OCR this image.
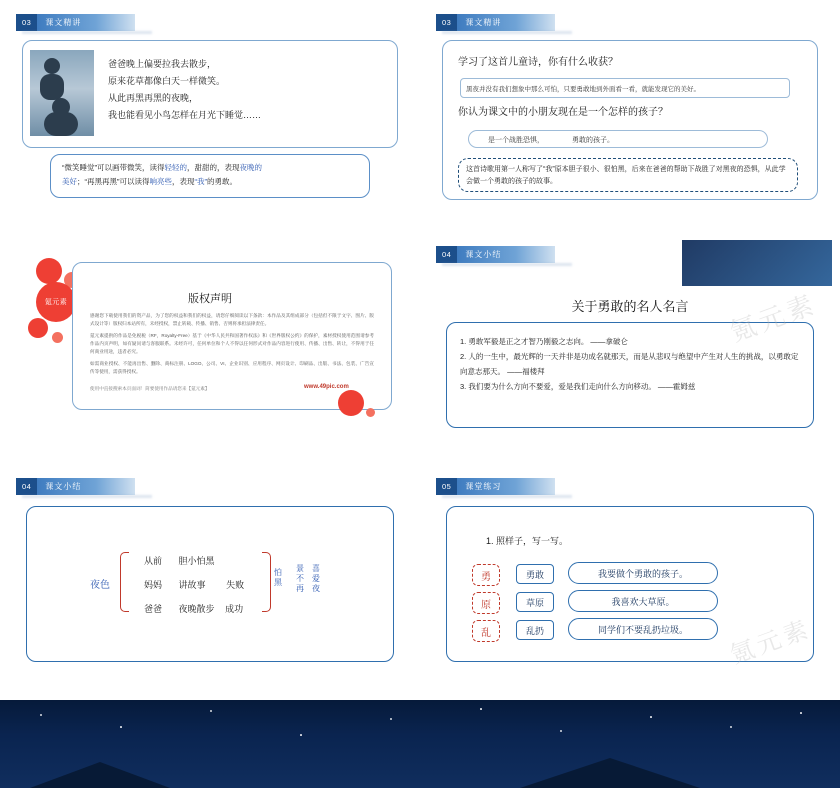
03	课文精讲
爸爸晚上偏要拉我去散步，
原来花草都像白天一样微笑。
从此再黑再黑的夜晚，
我也能看见小鸟怎样在月光下睡觉……
“微笑睡觉”可以画带微笑，读得轻轻的，甜甜的，表现夜晚的
美好；“再黑再黑”可以读得响亮些，表现“我”的勇敢。
03	课文精讲
学习了这首儿童诗，你有什么收获？
黑夜并没有我们想象中那么可怕，只要勇敢地到外面看一看，就能发现它的美好。
你认为课文中的小朋友现在是一个怎样的孩子？
是一个战胜恐惧，	勇敢的孩子。
这首诗歌用第一人称写了“我”原本胆子很小、很怕黑，后来在爸爸的帮助下战胜了对黑夜的恐惧，从此学会做一个勇敢的孩子的故事。
氪元素	版权声明

感谢您下载使用我们的资产品，为了您的权益和我们的权益，请您仔细阅读以下条款：本作品及其组成部分（包括但不限于文字、图片、版式设计等）版权归本站所有，未经授权，禁止转载、传播、销售、否则将承担法律责任。

氪元素提供的作品是免税税（RF，Royalty-Free）基于《中华人民共和国著作权法》和《世界版权公约》的保护，素材授权使用范围请参考作品内页声明，如有疑问请与客服联系。未经许可，任何单位和个人不得以任何形式对作品内容进行使用、传播、出售、转让，不得用于任何商业用途，违者必究。

如需商业授权、不能再出售、删除、商标注册、LOGO、公司、VI、企业识别、应用程序、网页设计、印刷品、出版、书法、包装、广告宣传等使用，需获得授权。

使用中直接搜索本页面词！简要使用作品请您来【氪元素】	www.49pic.com
04	课文小结
关于勇敢的名人名言
1. 勇敢军毅是正之才智乃刚毅之志向。 ——拿破仑
2. 人的一生中，最光辉的一天并非是功成名就那天，而是从悲叹与绝望中产生对人生的挑战，以勇敢定向意志那天。 ——福楼拜
3. 我们要为什么方向不要爱，爱是我们走向什么方向移动。 ——霍姆兹
氪元素
04	课文小结
夜色
从前 胆小怕黑
妈妈 讲故事 失败
爸爸 夜晚散步 成功
怕黑
景
不
再
喜
爱
夜
05	课堂练习
1. 照样子，写一写。
勇	勇敢	我要做个勇敢的孩子。
原	草原	我喜欢大草原。
乱	乱扔	同学们不要乱扔垃圾。 氪元素
